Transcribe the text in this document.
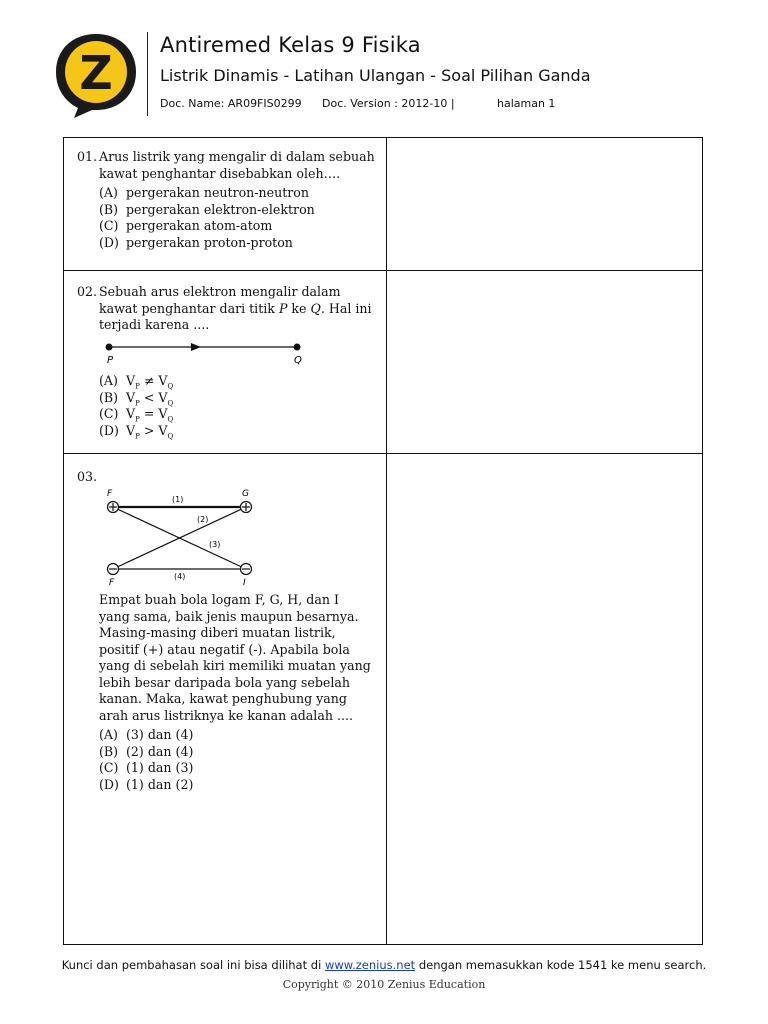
Z
Antiremed Kelas 9 Fisika
Listrik Dinamis - Latihan Ulangan - Soal Pilihan Ganda
Doc. Name: AR09FIS0299 Doc. Version : 2012-10 |	halaman 1
01. Arus listrik yang mengalir di dalam sebuah kawat penghantar disebabkan oleh….
(A) pergerakan neutron-neutron
(B) pergerakan elektron-elektron
(C) pergerakan atom-atom
(D) pergerakan proton-proton
02. Sebuah arus elektron mengalir dalam kawat penghantar dari titik P ke Q. Hal ini terjadi karena ....
P	Q
(A) $V_P \ne V_Q$
(B) $V_P < V_Q$
(C) $V_P = V_Q$
(D) $V_P > V_Q$
03.
F	G
(1)
(2)
(3)
(4)
F	I
Empat buah bola logam F, G, H, dan I yang sama, baik jenis maupun besarnya. Masing-masing diberi muatan listrik, positif (+) atau negatif (-). Apabila bola yang di sebelah kiri memiliki muatan yang lebih besar daripada bola yang sebelah kanan. Maka, kawat penghubung yang arah arus listriknya ke kanan adalah ....
(A) (3) dan (4)
(B) (2) dan (4)
(C) (1) dan (3)
(D) (1) dan (2)
Kunci dan pembahasan soal ini bisa dilihat di www.zenius.net dengan memasukkan kode 1541 ke menu search.
Copyright © 2010 Zenius Education
